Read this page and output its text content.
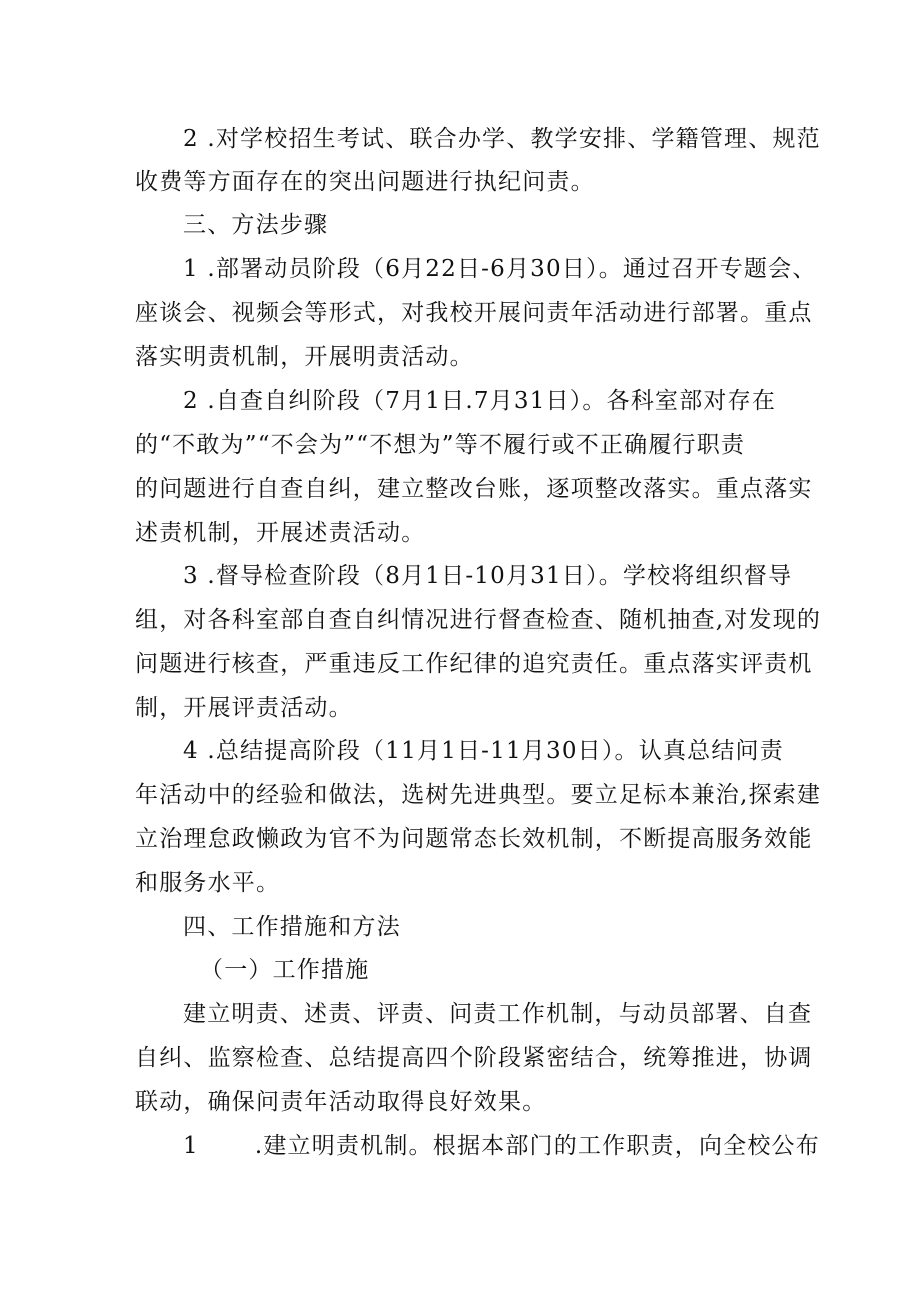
2 .对学校招生考试、联合办学、教学安排、学籍管理、规范
收费等方面存在的突出问题进行执纪问责。
三、方法步骤
1 .部署动员阶段（6月22日-6月30日）。通过召开专题会、
座谈会、视频会等形式，对我校开展问责年活动进行部署。重点
落实明责机制，开展明责活动。
2 .自查自纠阶段（7月1日.7月31日）。各科室部对存在
的“不敢为”“不会为”“不想为”等不履行或不正确履行职责
的问题进行自查自纠，建立整改台账，逐项整改落实。重点落实
述责机制，开展述责活动。
3 .督导检查阶段（8月1日-10月31日）。学校将组织督导
组，对各科室部自查自纠情况进行督查检查、随机抽查,对发现的
问题进行核查，严重违反工作纪律的追究责任。重点落实评责机
制，开展评责活动。
4 .总结提高阶段（11月1日-11月30日）。认真总结问责
年活动中的经验和做法，选树先进典型。要立足标本兼治,探索建
立治理怠政懒政为官不为问题常态长效机制，不断提高服务效能
和服务水平。
四、工作措施和方法
（一）工作措施
建立明责、述责、评责、问责工作机制，与动员部署、自查
自纠、监察检查、总结提高四个阶段紧密结合，统筹推进，协调
联动，确保问责年活动取得良好效果。
1 .建立明责机制。根据本部门的工作职责，向全校公布
